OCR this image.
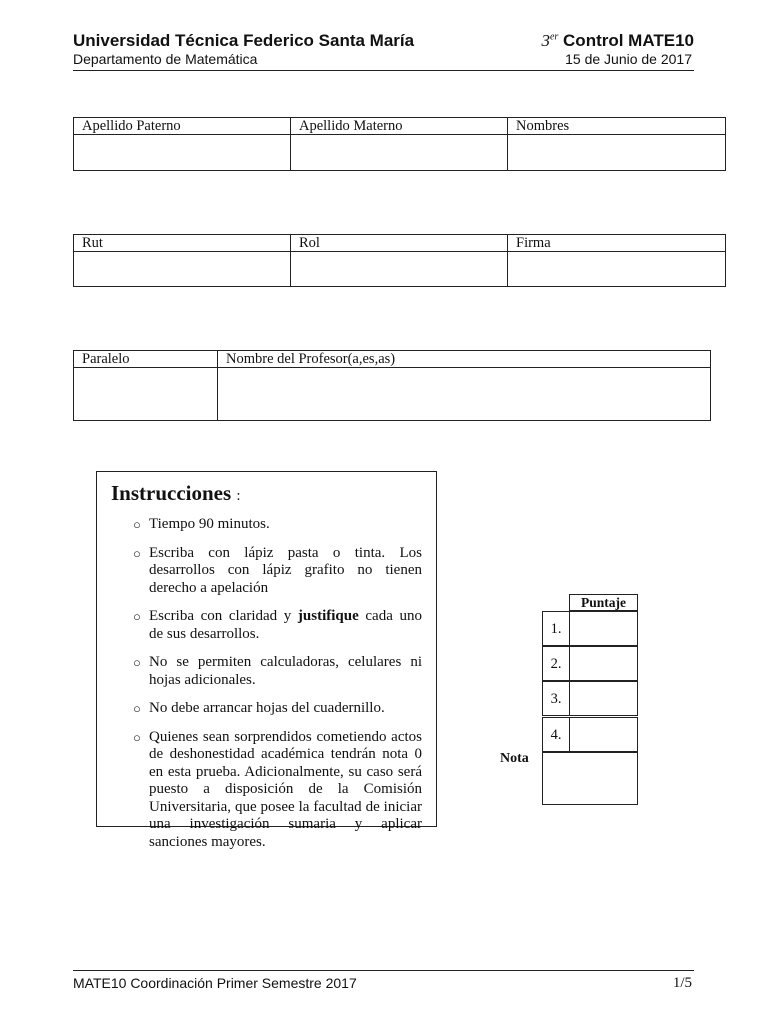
Universidad Técnica Federico Santa María
Departamento de Matemática
3er Control MATE10
15 de Junio de 2017
Apellido Paterno	Apellido Materno	Nombres

Rut	Rol	Firma

Paralelo	Nombre del Profesor(a,es,as)

Instrucciones :
○ Tiempo 90 minutos.
○ Escriba con lápiz pasta o tinta. Los desarrollos con lápiz grafito no tienen derecho a apelación
○ Escriba con claridad y justifique cada uno de sus desarrollos.
○ No se permiten calculadoras, celulares ni hojas adicionales.
○ No debe arrancar hojas del cuadernillo.
○ Quienes sean sorprendidos cometiendo actos de deshonestidad académica tendrán nota 0 en esta prueba. Adicionalmente, su caso será puesto a disposición de la Comisión Universitaria, que posee la facultad de iniciar una investigación sumaria y aplicar sanciones mayores.
Puntaje
1.
2.
3.
4.
Nota
MATE10 Coordinación Primer Semestre 2017	1/5
